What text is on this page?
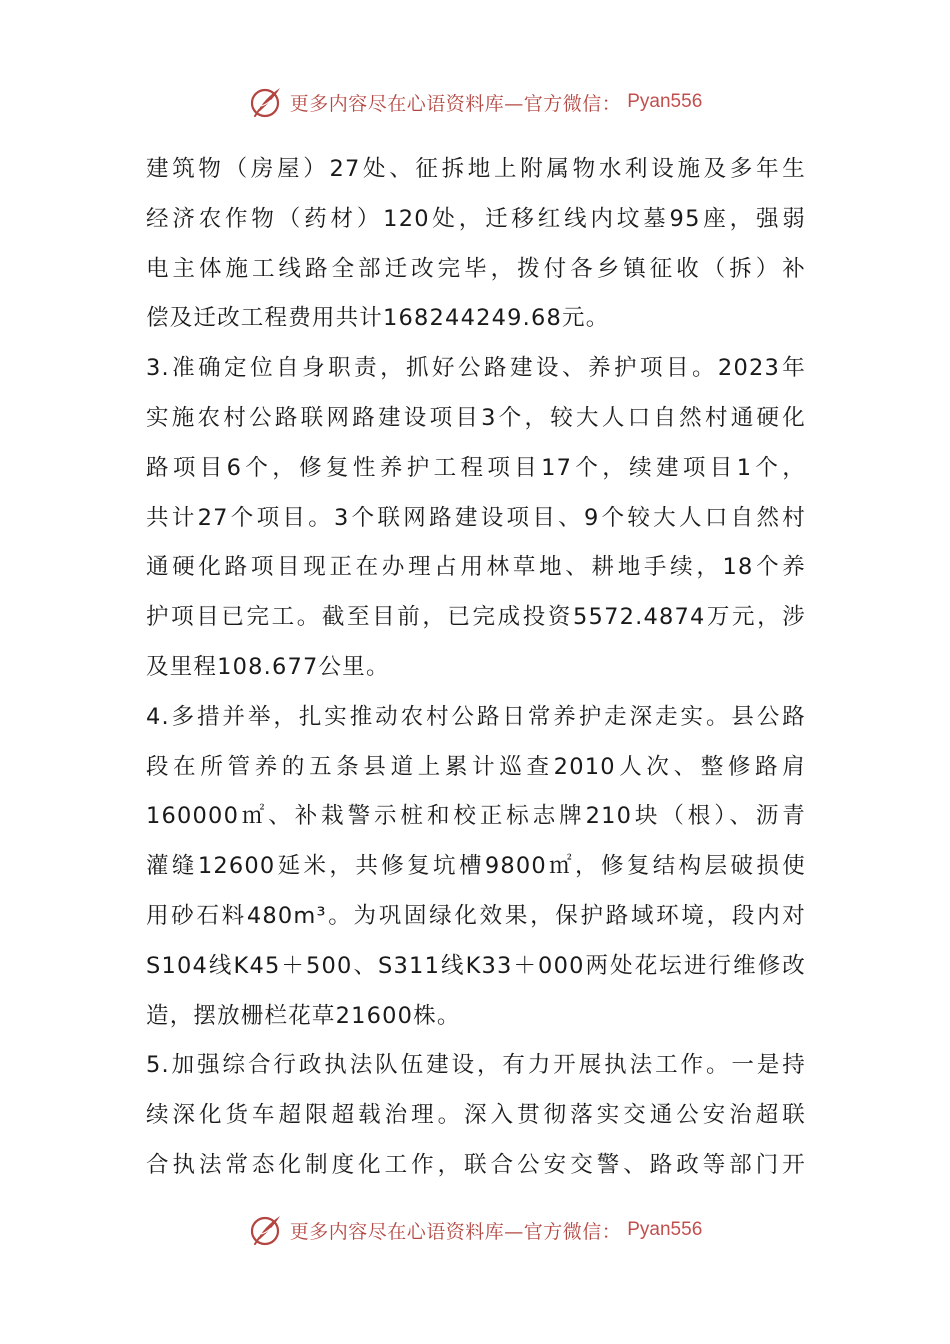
更多内容尽在心语资料库—官方微信： Pyan556

建筑物（房屋）27处、征拆地上附属物水利设施及多年生
经济农作物（药材）120处，迁移红线内坟墓95座，强弱
电主体施工线路全部迁改完毕，拨付各乡镇征收（拆）补
偿及迁改工程费用共计168244249.68元。

3.准确定位自身职责，抓好公路建设、养护项目。2023年
实施农村公路联网路建设项目3个，较大人口自然村通硬化
路项目6个，修复性养护工程项目17个，续建项目1个，
共计27个项目。3个联网路建设项目、9个较大人口自然村
通硬化路项目现正在办理占用林草地、耕地手续，18个养
护项目已完工。截至目前，已完成投资5572.4874万元，涉
及里程108.677公里。

4.多措并举，扎实推动农村公路日常养护走深走实。县公路
段在所管养的五条县道上累计巡查2010人次、整修路肩
160000㎡、补栽警示桩和校正标志牌210块（根）、沥青
灌缝12600延米，共修复坑槽9800㎡，修复结构层破损使
用砂石料480m³。为巩固绿化效果，保护路域环境，段内对
S104线K45＋500、S311线K33＋000两处花坛进行维修改
造，摆放栅栏花草21600株。

5.加强综合行政执法队伍建设，有力开展执法工作。一是持
续深化货车超限超载治理。深入贯彻落实交通公安治超联
合执法常态化制度化工作，联合公安交警、路政等部门开

更多内容尽在心语资料库—官方微信： Pyan556
